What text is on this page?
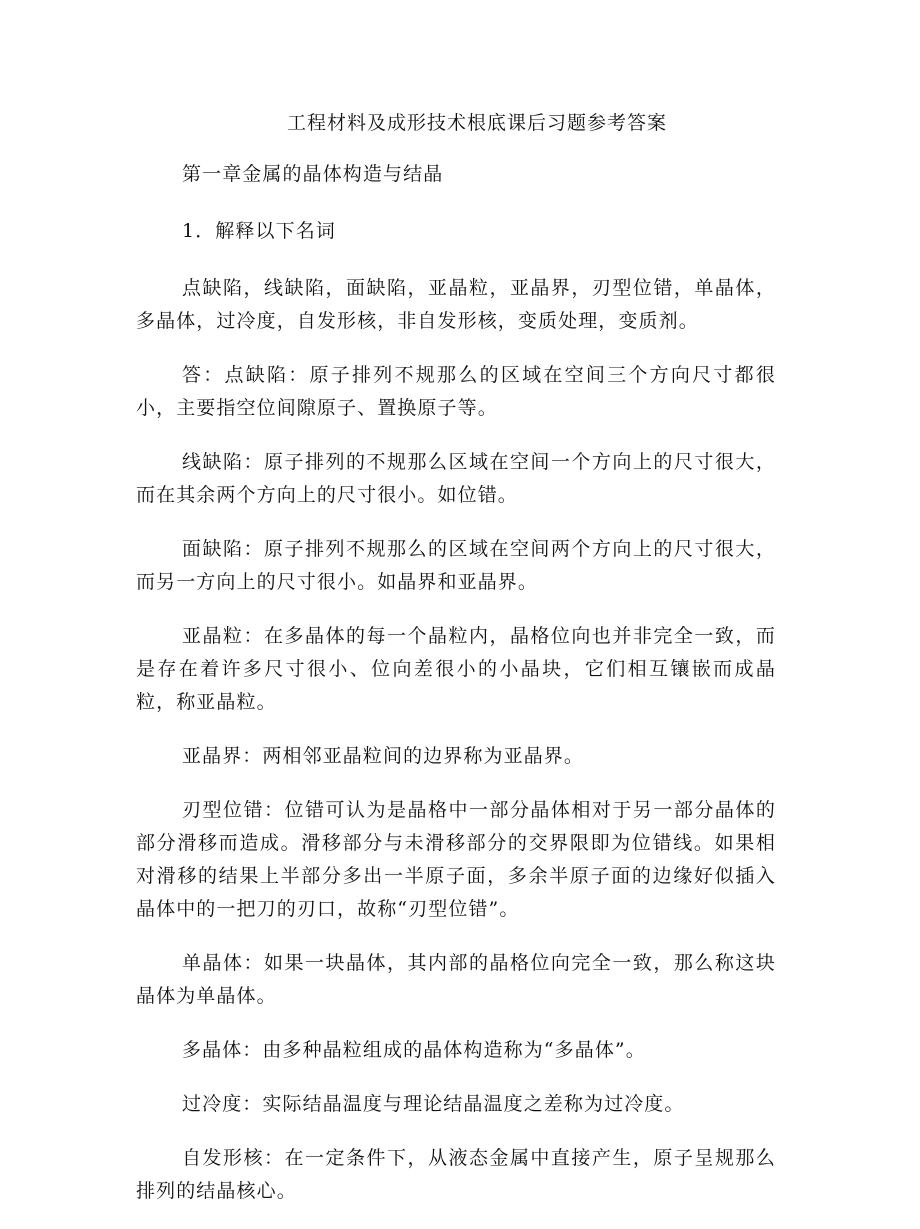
工程材料及成形技术根底课后习题参考答案

第一章金属的晶体构造与结晶

1．解释以下名词

点缺陷，线缺陷，面缺陷，亚晶粒，亚晶界，刃型位错，单晶体，多晶体，过冷度，自发形核，非自发形核，变质处理，变质剂。

答：点缺陷：原子排列不规那么的区域在空间三个方向尺寸都很小，主要指空位间隙原子、置换原子等。

线缺陷：原子排列的不规那么区域在空间一个方向上的尺寸很大，而在其余两个方向上的尺寸很小。如位错。

面缺陷：原子排列不规那么的区域在空间两个方向上的尺寸很大，而另一方向上的尺寸很小。如晶界和亚晶界。

亚晶粒：在多晶体的每一个晶粒内，晶格位向也并非完全一致，而是存在着许多尺寸很小、位向差很小的小晶块，它们相互镶嵌而成晶粒，称亚晶粒。

亚晶界：两相邻亚晶粒间的边界称为亚晶界。

刃型位错：位错可认为是晶格中一部分晶体相对于另一部分晶体的部分滑移而造成。滑移部分与未滑移部分的交界限即为位错线。如果相对滑移的结果上半部分多出一半原子面，多余半原子面的边缘好似插入晶体中的一把刀的刃口，故称“刃型位错”。

单晶体：如果一块晶体，其内部的晶格位向完全一致，那么称这块晶体为单晶体。

多晶体：由多种晶粒组成的晶体构造称为“多晶体”。

过冷度：实际结晶温度与理论结晶温度之差称为过冷度。

自发形核：在一定条件下，从液态金属中直接产生，原子呈规那么排列的结晶核心。
